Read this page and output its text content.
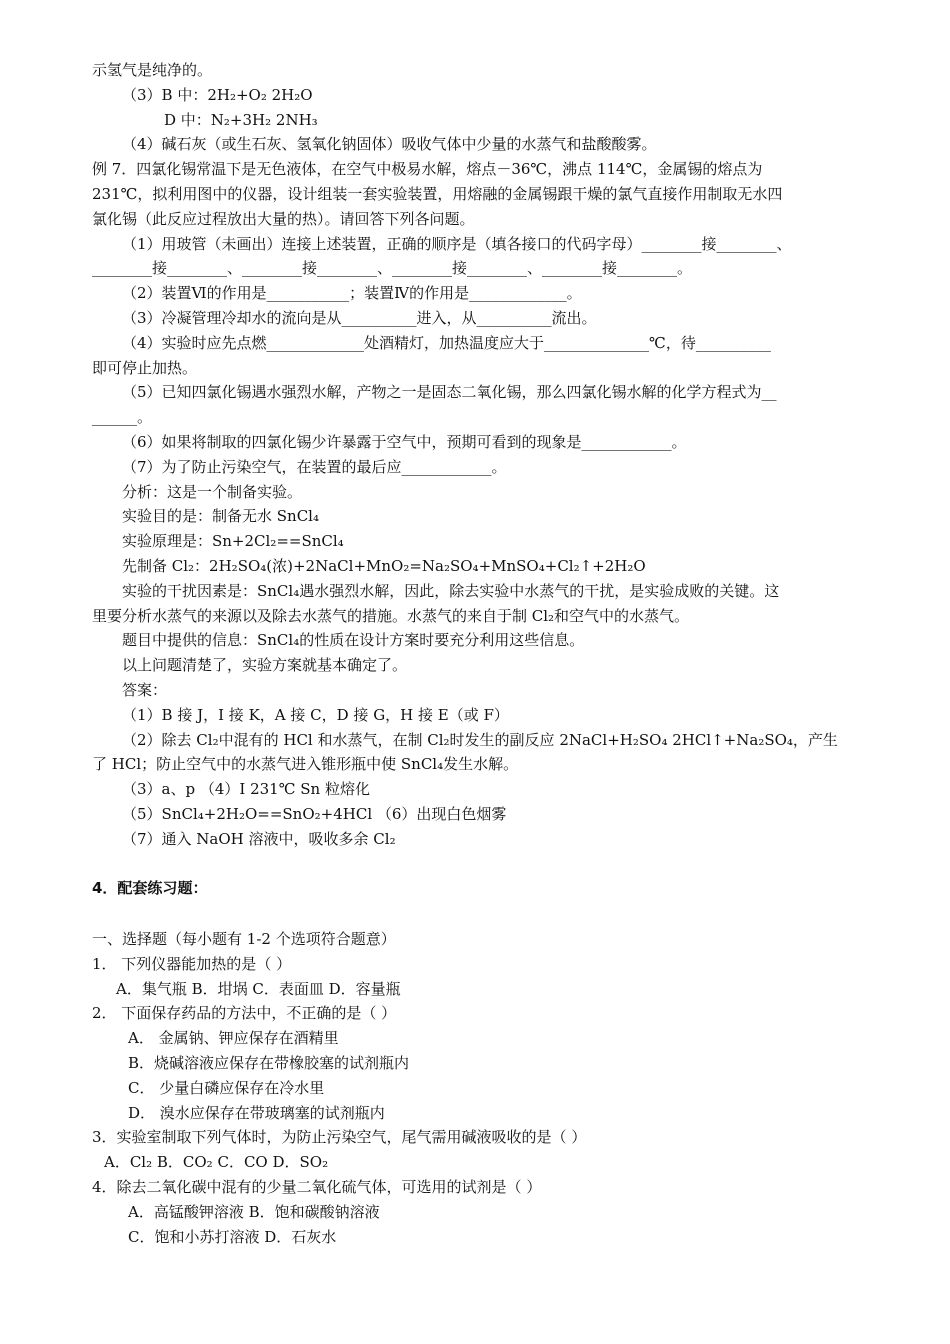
示氢气是纯净的。
（3）B 中：2H₂+O₂ 2H₂O
D 中：N₂+3H₂ 2NH₃
（4）碱石灰（或生石灰、氢氧化钠固体）吸收气体中少量的水蒸气和盐酸酸雾。
例 7．四氯化锡常温下是无色液体，在空气中极易水解，熔点－36℃，沸点 114℃，金属锡的熔点为
231℃，拟利用图中的仪器，设计组装一套实验装置，用熔融的金属锡跟干燥的氯气直接作用制取无水四
氯化锡（此反应过程放出大量的热）。请回答下列各问题。
（1）用玻管（未画出）连接上述装置，正确的顺序是（填各接口的代码字母）________接________、
________接________、________接________、________接________、________接________。
（2）装置Ⅵ的作用是___________；装置Ⅳ的作用是_____________。
（3）冷凝管理冷却水的流向是从__________进入，从__________流出。
（4）实验时应先点燃_____________处酒精灯，加热温度应大于______________℃，待__________
即可停止加热。
（5）已知四氯化锡遇水强烈水解，产物之一是固态二氧化锡，那么四氯化锡水解的化学方程式为__
______。
（6）如果将制取的四氯化锡少许暴露于空气中，预期可看到的现象是____________。
（7）为了防止污染空气，在装置的最后应____________。
分析：这是一个制备实验。
实验目的是：制备无水 SnCl₄
实验原理是：Sn+2Cl₂==SnCl₄
先制备 Cl₂：2H₂SO₄(浓)+2NaCl+MnO₂=Na₂SO₄+MnSO₄+Cl₂↑+2H₂O
实验的干扰因素是：SnCl₄遇水强烈水解，因此，除去实验中水蒸气的干扰，是实验成败的关键。这
里要分析水蒸气的来源以及除去水蒸气的措施。水蒸气的来自于制 Cl₂和空气中的水蒸气。
题目中提供的信息：SnCl₄的性质在设计方案时要充分利用这些信息。
以上问题清楚了，实验方案就基本确定了。
答案：
（1）B 接 J，I 接 K，A 接 C，D 接 G，H 接 E（或 F）
（2）除去 Cl₂中混有的 HCl 和水蒸气，在制 Cl₂时发生的副反应 2NaCl+H₂SO₄ 2HCl↑+Na₂SO₄，产生
了 HCl；防止空气中的水蒸气进入锥形瓶中使 SnCl₄发生水解。
（3）a、p （4）I 231℃ Sn 粒熔化
（5）SnCl₄+2H₂O==SnO₂+4HCl （6）出现白色烟雾
（7）通入 NaOH 溶液中，吸收多余 Cl₂
4．配套练习题：
一、选择题（每小题有 1-2 个选项符合题意）
1． 下列仪器能加热的是（ ）
A．集气瓶 B．坩埚 C．表面皿 D．容量瓶
2． 下面保存药品的方法中，不正确的是（ ）
A． 金属钠、钾应保存在酒精里
B．烧碱溶液应保存在带橡胶塞的试剂瓶内
C． 少量白磷应保存在冷水里
D． 溴水应保存在带玻璃塞的试剂瓶内
3．实验室制取下列气体时，为防止污染空气，尾气需用碱液吸收的是（ ）
A．Cl₂ B．CO₂ C．CO D．SO₂
4．除去二氧化碳中混有的少量二氧化硫气体，可选用的试剂是（ ）
A．高锰酸钾溶液 B．饱和碳酸钠溶液
C．饱和小苏打溶液 D．石灰水
